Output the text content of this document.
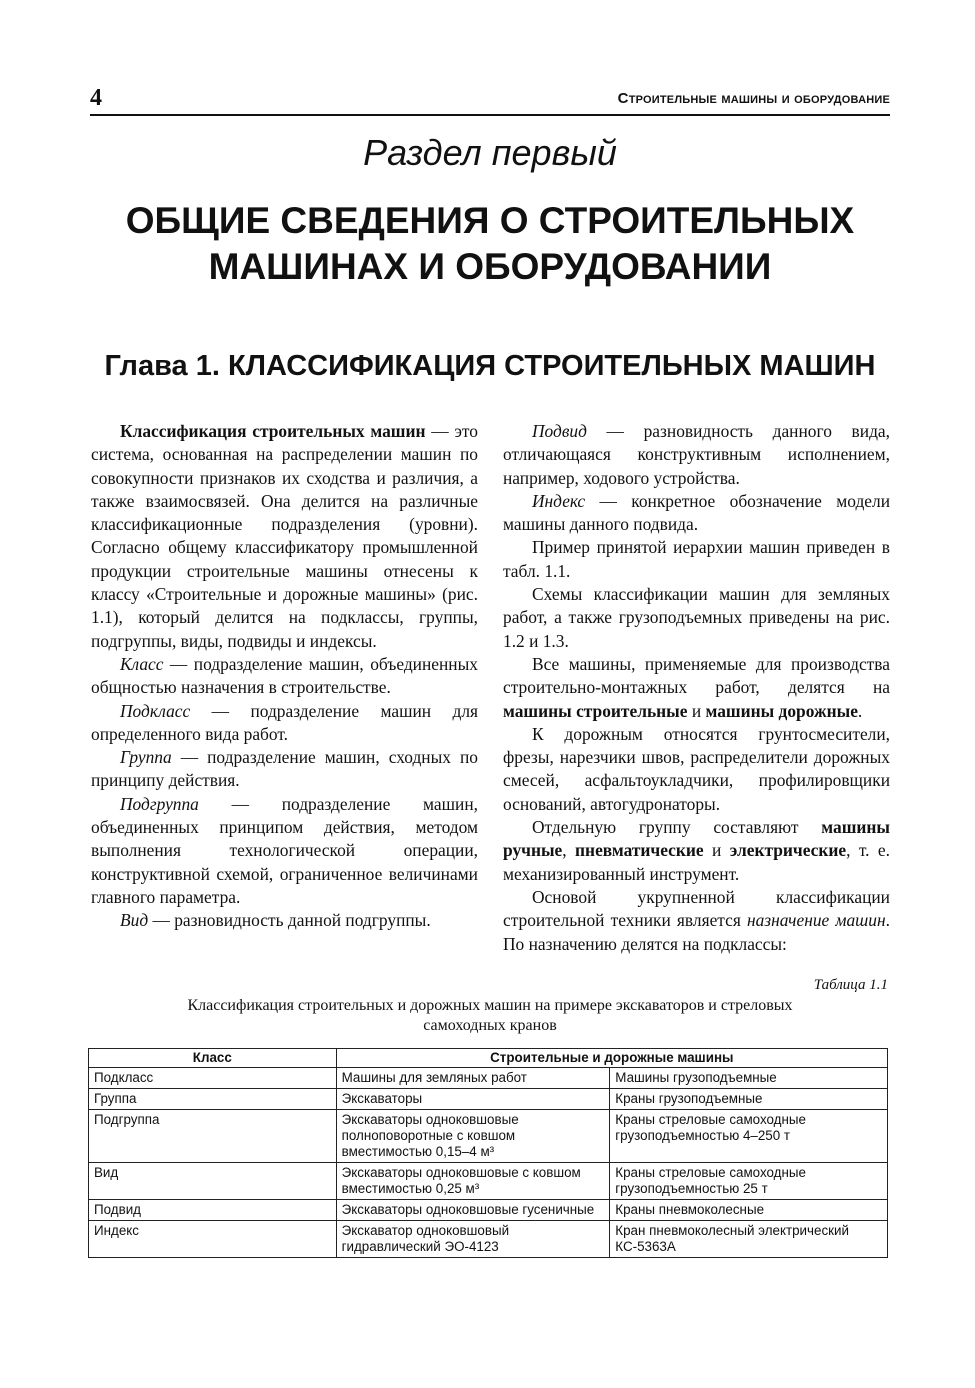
4	Строительные машины и оборудование
Раздел первый
ОБЩИЕ СВЕДЕНИЯ О СТРОИТЕЛЬНЫХ
МАШИНАХ И ОБОРУДОВАНИИ
Глава 1. КЛАССИФИКАЦИЯ СТРОИТЕЛЬНЫХ МАШИН

Классификация строительных машин — это система, основанная на распределении машин по совокупности признаков их сходства и различия, а также взаимосвязей. Она делится на различные классификационные подразделения (уровни). Согласно общему классификатору промышленной продукции строительные машины отнесены к классу «Строительные и дорожные машины» (рис. 1.1), который делится на подклассы, группы, подгруппы, виды, подвиды и индексы.

Класс — подразделение машин, объединенных общностью назначения в строительстве.

Подкласс — подразделение машин для определенного вида работ.

Группа — подразделение машин, сходных по принципу действия.

Подгруппа — подразделение машин, объединенных принципом действия, методом выполнения технологической операции, конструктивной схемой, ограниченное величинами главного параметра.

Вид — разновидность данной подгруппы.

Подвид — разновидность данного вида, отличающаяся конструктивным исполнением, например, ходового устройства.

Индекс — конкретное обозначение модели машины данного подвида.

Пример принятой иерархии машин приведен в табл. 1.1.

Схемы классификации машин для земляных работ, а также грузоподъемных приведены на рис. 1.2 и 1.3.

Все машины, применяемые для производства строительно-монтажных работ, делятся на машины строительные и машины дорожные.

К дорожным относятся грунтосмесители, фрезы, нарезчики швов, распределители дорожных смесей, асфальтоукладчики, профилировщики оснований, автогудронаторы.

Отдельную группу составляют машины ручные, пневматические и электрические, т. е. механизированный инструмент.

Основой укрупненной классификации строительной техники является назначение машин. По назначению делятся на подклассы:

Таблица 1.1
Классификация строительных и дорожных машин на примере экскаваторов и стреловых
самоходных кранов
Класс	Строительные и дорожные машины	
Подкласс	Машины для земляных работ	Машины грузоподъемные
Группа	Экскаваторы	Краны грузоподъемные
Подгруппа	Экскаваторы одноковшовые полноповоротные с ковшом вместимостью 0,15–4 м³	Краны стреловые самоходные грузоподъемностью 4–250 т
Вид	Экскаваторы одноковшовые с ковшом вместимостью 0,25 м³	Краны стреловые самоходные грузоподъемностью 25 т
Подвид	Экскаваторы одноковшовые гусеничные	Краны пневмоколесные
Индекс	Экскаватор одноковшовый гидравлический ЭО-4123	Кран пневмоколесный электрический КС-5363А
